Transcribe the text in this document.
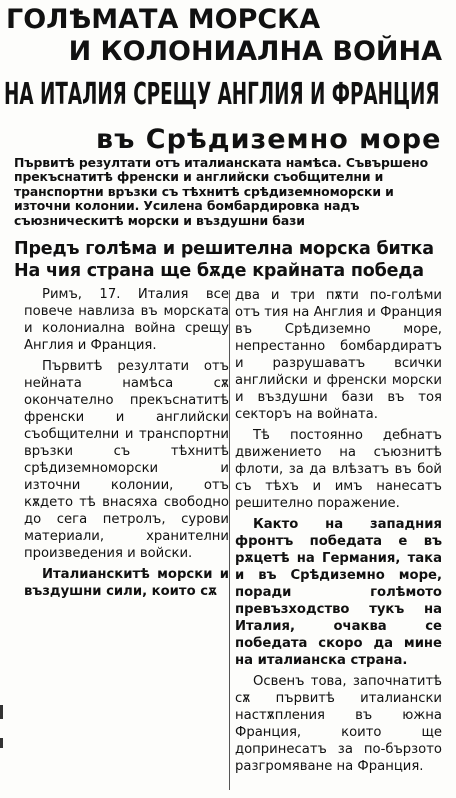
ГОЛѢМАТА МОРСКА
И КОЛОНИАЛНА ВОЙНА
НА ИТАЛИЯ СРЕЩУ АНГЛИЯ И ФРАНЦИЯ
въ Срѣдиземно море

Първитѣ резултати отъ италианската намѣса. Съвършено прекъснатитѣ френски и английски съобщителни и транспортни връзки съ тѣхнитѣ срѣдиземноморски и източни колонии. Усилена бомбардировка надъ съюзническитѣ морски и въздушни бази

Предъ голѣма и решителна морска битка
На чия страна ще бѫде крайната победа

Римъ, 17. Италия все повече навлиза въ морската и колониална война срещу Англия и Франция.

Първитѣ резултати отъ нейната намѣса сѫ окончателно прекъснатитѣ френски и английски съобщителни и транспортни връзки съ тѣхнитѣ срѣдиземноморски и източни колонии, отъ кѫдето тѣ внасяха свободно до сега петролъ, сурови материали, хранителни произведения и войски.

Италианскитѣ морски и въздушни сили, които сѫ

два и три пѫти по-голѣми отъ тия на Англия и Франция въ Срѣдиземно море, непрестанно бомбардиратъ и разрушаватъ всички английски и френски морски и въздушни бази въ тоя секторъ на войната.

Тѣ постоянно дебнатъ движението на съюзнитѣ флоти, за да влѣзатъ въ бой съ тѣхъ и имъ нанесатъ решително поражение.

Както на западния фронтъ победата е въ рѫцетѣ на Германия, така и въ Срѣдиземно море, поради голѣмото превъзходство тукъ на Италия, очаква се победата скоро да мине на италианска страна.

Освенъ това, започнатитѣ сѫ първитѣ италиански настѫпления въ южна Франция, които ще допринесатъ за по-бързото разгромяване на Франция.
